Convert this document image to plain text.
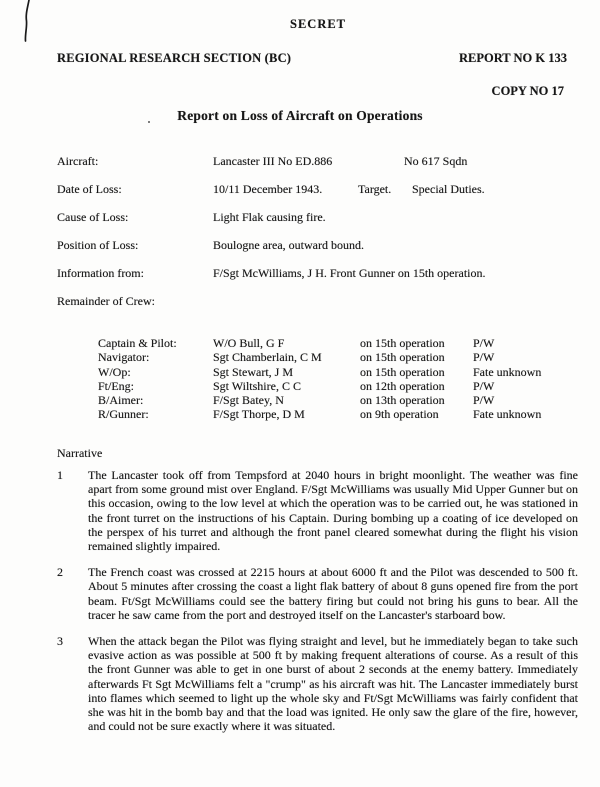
SECRET
REGIONAL RESEARCH SECTION (BC)	REPORT NO K 133
COPY NO 17
Report on Loss of Aircraft on Operations
Aircraft:	Lancaster III No ED.886	No 617 Sqdn
Date of Loss:	10/11 December 1943.	Target. Special Duties.
Cause of Loss:	Light Flak causing fire.
Position of Loss:	Boulogne area, outward bound.
Information from:	F/Sgt McWilliams, J H. Front Gunner on 15th operation.
Remainder of Crew:
Captain & Pilot:	W/O Bull, G F	on 15th operation P/W
Navigator:	Sgt Chamberlain, C M	on 15th operation P/W
W/Op:	Sgt Stewart, J M	on 15th operation Fate unknown
Ft/Eng:	Sgt Wiltshire, C C	on 12th operation P/W
B/Aimer:	F/Sgt Batey, N	on 13th operation P/W
R/Gunner:	F/Sgt Thorpe, D M	on 9th operation	Fate unknown
Narrative
1	The Lancaster took off from Tempsford at 2040 hours in bright moonlight. The weather was fine apart from some ground mist over England. F/Sgt McWilliams was usually Mid Upper Gunner but on this occasion, owing to the low level at which the operation was to be carried out, he was stationed in the front turret on the instructions of his Captain. During bombing up a coating of ice developed on the perspex of his turret and although the front panel cleared somewhat during the flight his vision remained slightly impaired.
2	The French coast was crossed at 2215 hours at about 6000 ft and the Pilot was descended to 500 ft. About 5 minutes after crossing the coast a light flak battery of about 8 guns opened fire from the port beam. Ft/Sgt McWilliams could see the battery firing but could not bring his guns to bear. All the tracer he saw came from the port and destroyed itself on the Lancaster's starboard bow.
3	When the attack began the Pilot was flying straight and level, but he immediately began to take such evasive action as was possible at 500 ft by making frequent alterations of course. As a result of this the front Gunner was able to get in one burst of about 2 seconds at the enemy battery. Immediately afterwards Ft Sgt McWilliams felt a "crump" as his aircraft was hit. The Lancaster immediately burst into flames which seemed to light up the whole sky and Ft/Sgt McWilliams was fairly confident that she was hit in the bomb bay and that the load was ignited. He only saw the glare of the fire, however, and could not be sure exactly where it was situated.
